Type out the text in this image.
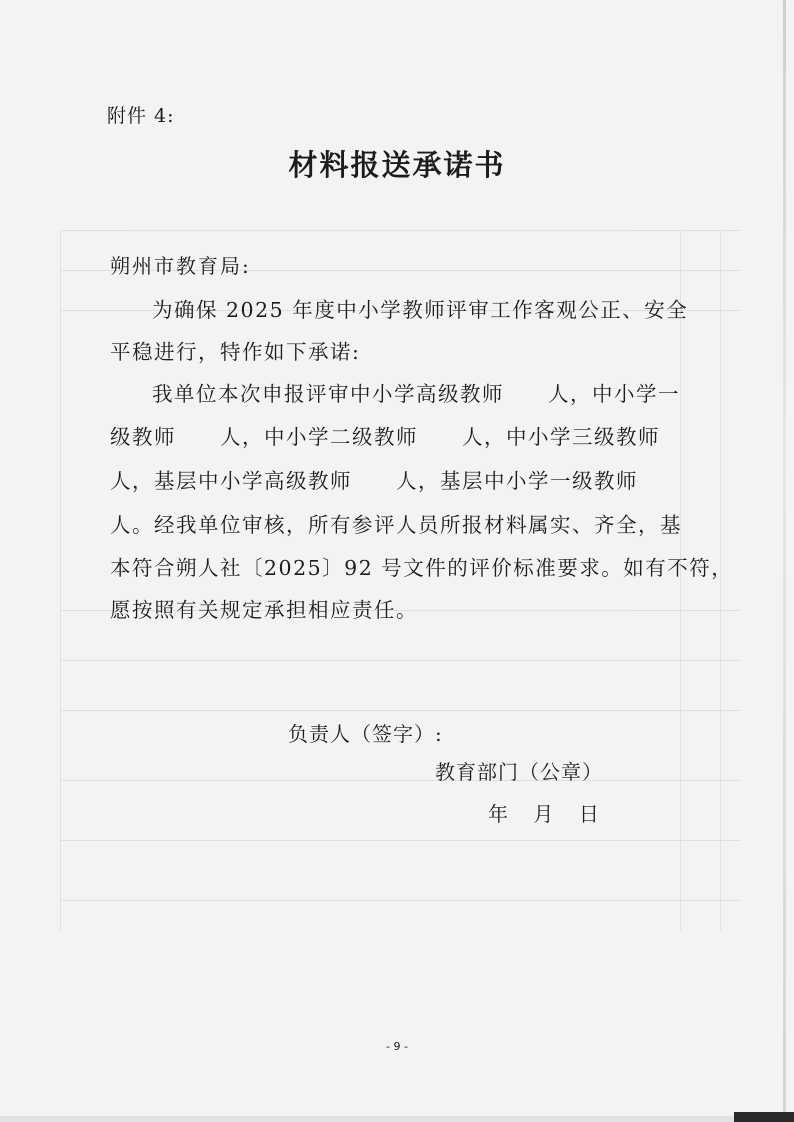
附件 4:
材料报送承诺书
朔州市教育局:
为确保 2025 年度中小学教师评审工作客观公正、安全
平稳进行，特作如下承诺:
我单位本次申报评审中小学高级教师　　人，中小学一
级教师　　人，中小学二级教师　　人，中小学三级教师
人，基层中小学高级教师　　人，基层中小学一级教师
人。经我单位审核，所有参评人员所报材料属实、齐全，基
本符合朔人社〔2025〕92 号文件的评价标准要求。如有不符，
愿按照有关规定承担相应责任。
负责人（签字）:
教育部门（公章）
年    月    日
- 9 -
